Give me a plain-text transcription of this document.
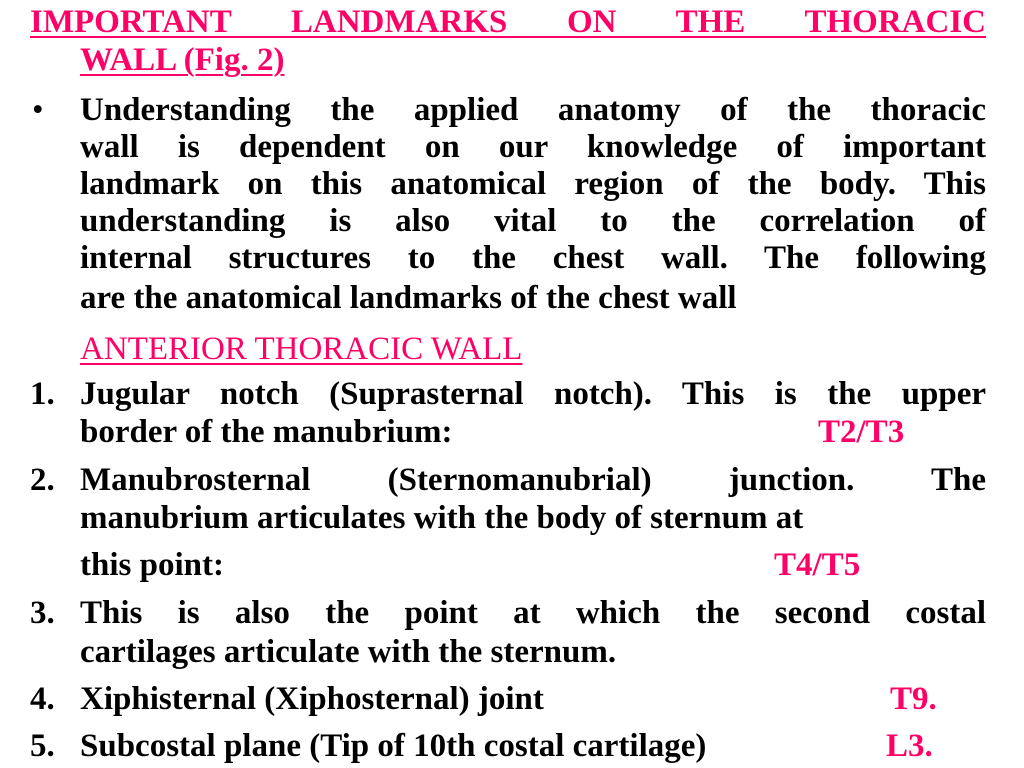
IMPORTANT LANDMARKS ON THE THORACIC
WALL (Fig. 2)
• Understanding the applied anatomy of the thoracic
wall is dependent on our knowledge of important
landmark on this anatomical region of the body. This
understanding is also vital to the correlation of
internal structures to the chest wall. The following
are the anatomical landmarks of the chest wall
ANTERIOR THORACIC WALL
1. Jugular notch (Suprasternal notch). This is the upper
border of the manubrium:	T2/T3
2. Manubrosternal (Sternomanubrial) junction. The
manubrium articulates with the body of sternum at
this point:	T4/T5
3. This is also the point at which the second costal
cartilages articulate with the sternum.
4. Xiphisternal (Xiphosternal) joint	T9.
5. Subcostal plane (Tip of 10th costal cartilage)	L3.
